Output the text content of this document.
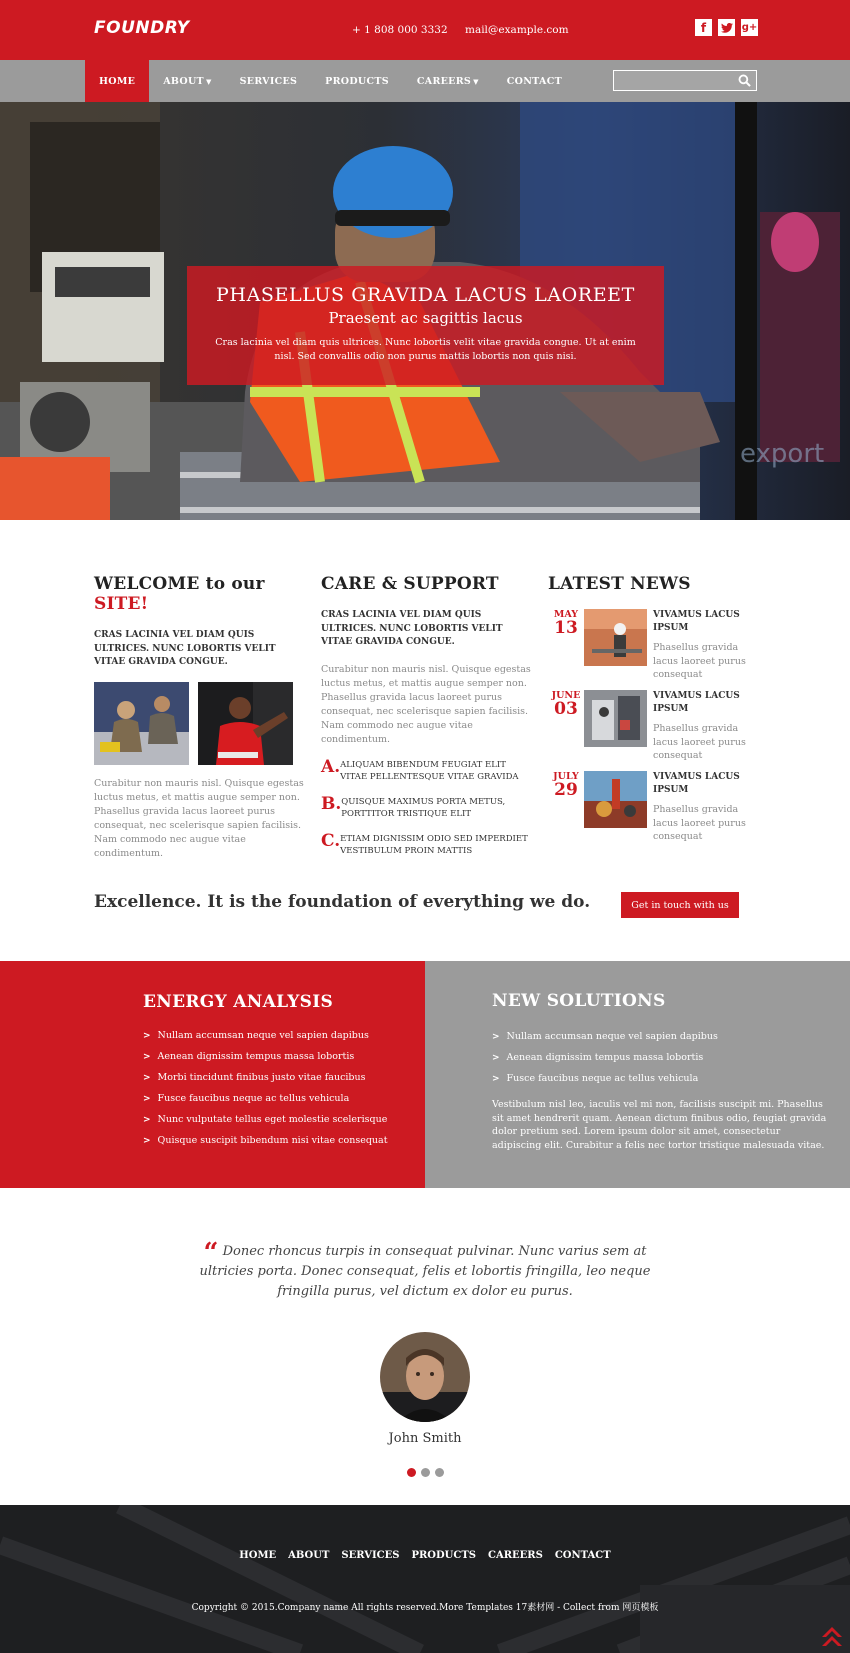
FOUNDRY	+ 1 808 000 3332 mail@example.com	f	g+
HOME	ABOUT ▼	SERVICES	PRODUCTS	CAREERS ▼	CONTACT
export
PHASELLUS GRAVIDA LACUS LAOREET
Praesent ac sagittis lacus
Cras lacinia vel diam quis ultrices. Nunc lobortis velit vitae gravida congue. Ut at enim nisl. Sed convallis odio non purus mattis lobortis non quis nisi.
WELCOME to our SITE!
CRAS LACINIA VEL DIAM QUIS ULTRICES. NUNC LOBORTIS VELIT VITAE GRAVIDA CONGUE.
Curabitur non mauris nisl. Quisque egestas luctus metus, et mattis augue semper non. Phasellus gravida lacus laoreet purus consequat, nec scelerisque sapien facilisis. Nam commodo nec augue vitae condimentum.
CARE & SUPPORT
CRAS LACINIA VEL DIAM QUIS ULTRICES. NUNC LOBORTIS VELIT VITAE GRAVIDA CONGUE.
Curabitur non mauris nisl. Quisque egestas luctus metus, et mattis augue semper non. Phasellus gravida lacus laoreet purus consequat, nec scelerisque sapien facilisis. Nam commodo nec augue vitae condimentum.
A. ALIQUAM BIBENDUM FEUGIAT ELIT VITAE PELLENTESQUE VITAE GRAVIDA
B. QUISQUE MAXIMUS PORTA METUS, PORTTITOR TRISTIQUE ELIT
C. ETIAM DIGNISSIM ODIO SED IMPERDIET VESTIBULUM PROIN MATTIS
LATEST NEWS
MAY
13
VIVAMUS LACUS IPSUM
Phasellus gravida lacus laoreet purus consequat
JUNE
03
VIVAMUS LACUS IPSUM
Phasellus gravida lacus laoreet purus consequat
JULY
29
VIVAMUS LACUS IPSUM
Phasellus gravida lacus laoreet purus consequat
Excellence. It is the foundation of everything we do.	Get in touch with us
ENERGY ANALYSIS
> Nullam accumsan neque vel sapien dapibus
> Aenean dignissim tempus massa lobortis
> Morbi tincidunt finibus justo vitae faucibus
> Fusce faucibus neque ac tellus vehicula
> Nunc vulputate tellus eget molestie scelerisque
> Quisque suscipit bibendum nisi vitae consequat
NEW SOLUTIONS
> Nullam accumsan neque vel sapien dapibus
> Aenean dignissim tempus massa lobortis
> Fusce faucibus neque ac tellus vehicula
Vestibulum nisl leo, iaculis vel mi non, facilisis suscipit mi. Phasellus sit amet hendrerit quam. Aenean dictum finibus odio, feugiat gravida dolor pretium sed. Lorem ipsum dolor sit amet, consectetur adipiscing elit. Curabitur a felis nec tortor tristique malesuada vitae.
“ Donec rhoncus turpis in consequat pulvinar. Nunc varius sem at ultricies porta. Donec consequat, felis et lobortis fringilla, leo neque fringilla purus, vel dictum ex dolor eu purus.
John Smith
HOME ABOUT SERVICES PRODUCTS CAREERS CONTACT
Copyright © 2015.Company name All rights reserved.More Templates 17素材网 - Collect from 网页模板
